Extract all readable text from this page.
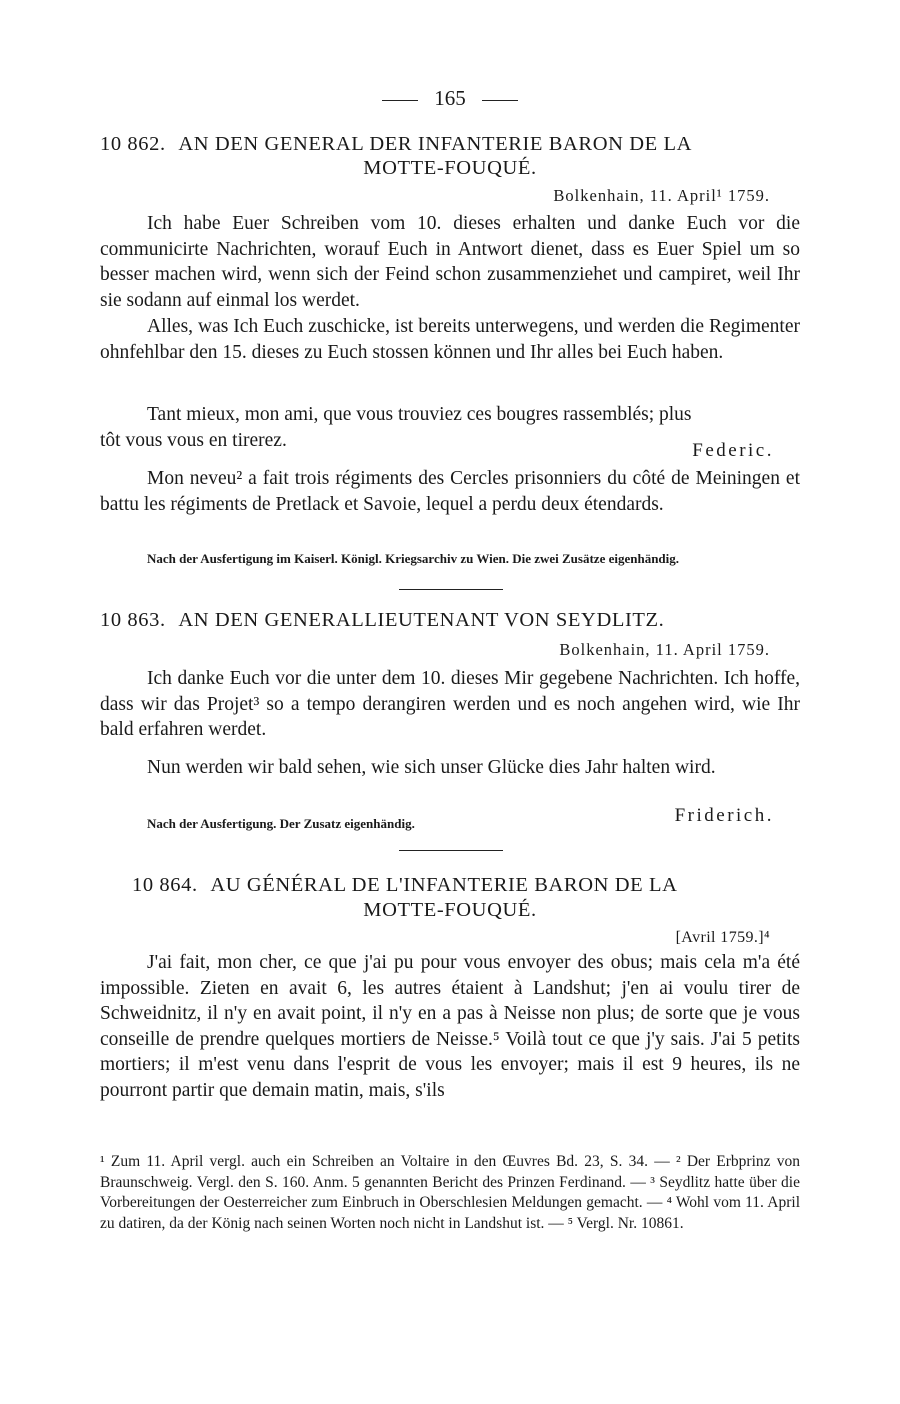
165
10 862. AN DEN GENERAL DER INFANTERIE BARON DE LA
MOTTE-FOUQUÉ.
Bolkenhain, 11. April¹ 1759.

Ich habe Euer Schreiben vom 10. dieses erhalten und danke Euch vor die communicirte Nachrichten, worauf Euch in Antwort dienet, dass es Euer Spiel um so besser machen wird, wenn sich der Feind schon zusammenziehet und campiret, weil Ihr sie sodann auf einmal los werdet.

Alles, was Ich Euch zuschicke, ist bereits unterwegens, und werden die Regimenter ohnfehlbar den 15. dieses zu Euch stossen können und Ihr alles bei Euch haben.

Tant mieux, mon ami, que vous trouviez ces bougres rassemblés; plus tôt vous vous en tirerez.	Federic.

Mon neveu² a fait trois régiments des Cercles prisonniers du côté de Meiningen et battu les régiments de Pretlack et Savoie, lequel a perdu deux étendards.

Nach der Ausfertigung im Kaiserl. Königl. Kriegsarchiv zu Wien. Die zwei Zusätze eigenhändig.
10 863. AN DEN GENERALLIEUTENANT VON SEYDLITZ.
Bolkenhain, 11. April 1759.

Ich danke Euch vor die unter dem 10. dieses Mir gegebene Nachrichten. Ich hoffe, dass wir das Projet³ so a tempo derangiren werden und es noch angehen wird, wie Ihr bald erfahren werdet.

Nun werden wir bald sehen, wie sich unser Glücke dies Jahr halten wird.

Nach der Ausfertigung. Der Zusatz eigenhändig.	Friderich.
10 864. AU GÉNÉRAL DE L'INFANTERIE BARON DE LA
MOTTE-FOUQUÉ.
[Avril 1759.]⁴

J'ai fait, mon cher, ce que j'ai pu pour vous envoyer des obus; mais cela m'a été impossible. Zieten en avait 6, les autres étaient à Landshut; j'en ai voulu tirer de Schweidnitz, il n'y en avait point, il n'y en a pas à Neisse non plus; de sorte que je vous conseille de prendre quelques mortiers de Neisse.⁵ Voilà tout ce que j'y sais. J'ai 5 petits mortiers; il m'est venu dans l'esprit de vous les envoyer; mais il est 9 heures, ils ne pourront partir que demain matin, mais, s'ils

¹ Zum 11. April vergl. auch ein Schreiben an Voltaire in den Œuvres Bd. 23, S. 34. — ² Der Erbprinz von Braunschweig. Vergl. den S. 160. Anm. 5 genannten Bericht des Prinzen Ferdinand. — ³ Seydlitz hatte über die Vorbereitungen der Oesterreicher zum Einbruch in Oberschlesien Meldungen gemacht. — ⁴ Wohl vom 11. April zu datiren, da der König nach seinen Worten noch nicht in Landshut ist. — ⁵ Vergl. Nr. 10861.
